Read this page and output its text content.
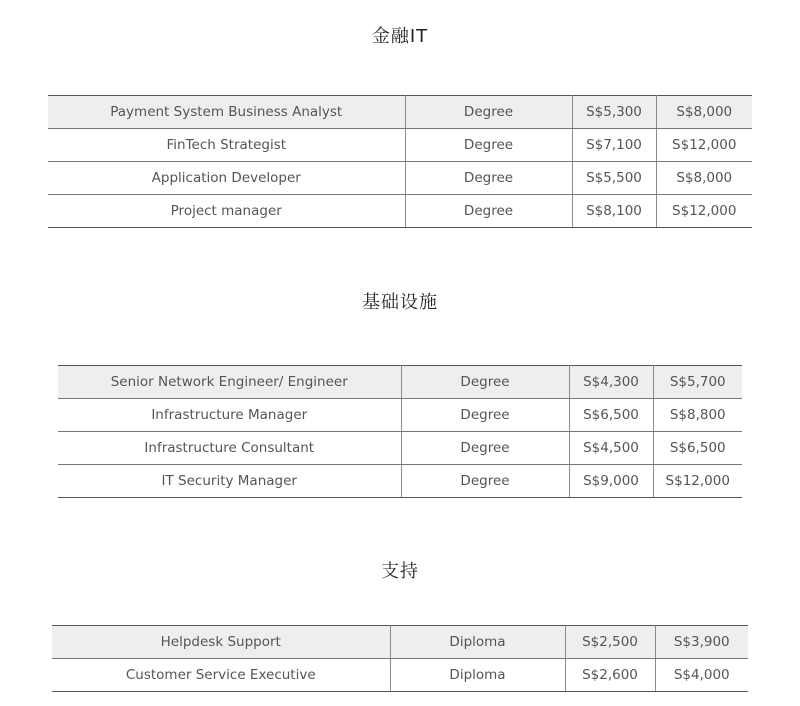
金融IT
Payment System Business Analyst	Degree	S$5,300	S$8,000
FinTech Strategist	Degree	S$7,100	S$12,000
Application Developer	Degree	S$5,500	S$8,000
Project manager	Degree	S$8,100	S$12,000
基础设施
Senior Network Engineer/ Engineer	Degree	S$4,300	S$5,700
Infrastructure Manager	Degree	S$6,500	S$8,800
Infrastructure Consultant	Degree	S$4,500	S$6,500
IT Security Manager	Degree	S$9,000	S$12,000
支持
Helpdesk Support	Diploma	S$2,500	S$3,900
Customer Service Executive	Diploma	S$2,600	S$4,000
